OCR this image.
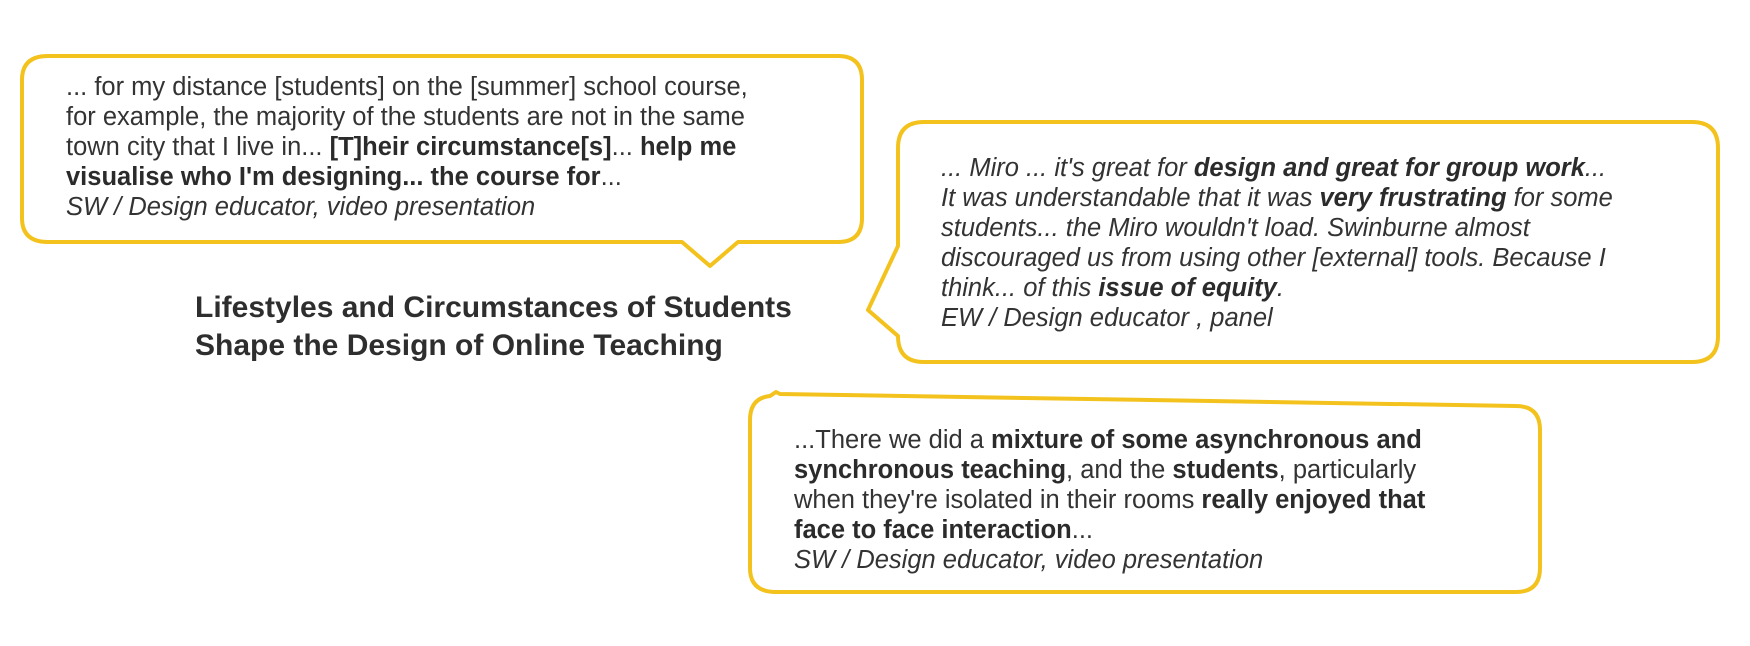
... for my distance [students] on the [summer] school course,
for example, the majority of the students are not in the same
town city that I live in... [T]heir circumstance[s]... help me
visualise who I'm designing... the course for...
SW / Design educator, video presentation
... Miro ... it's great for design and great for group work...
It was understandable that it was very frustrating for some
students... the Miro wouldn't load. Swinburne almost
discouraged us from using other [external] tools. Because I
think... of this issue of equity.
EW / Design educator , panel
...There we did a mixture of some asynchronous and
synchronous teaching, and the students, particularly
when they're isolated in their rooms really enjoyed that
face to face interaction...
SW / Design educator, video presentation
Lifestyles and Circumstances of Students
Shape the Design of Online Teaching
